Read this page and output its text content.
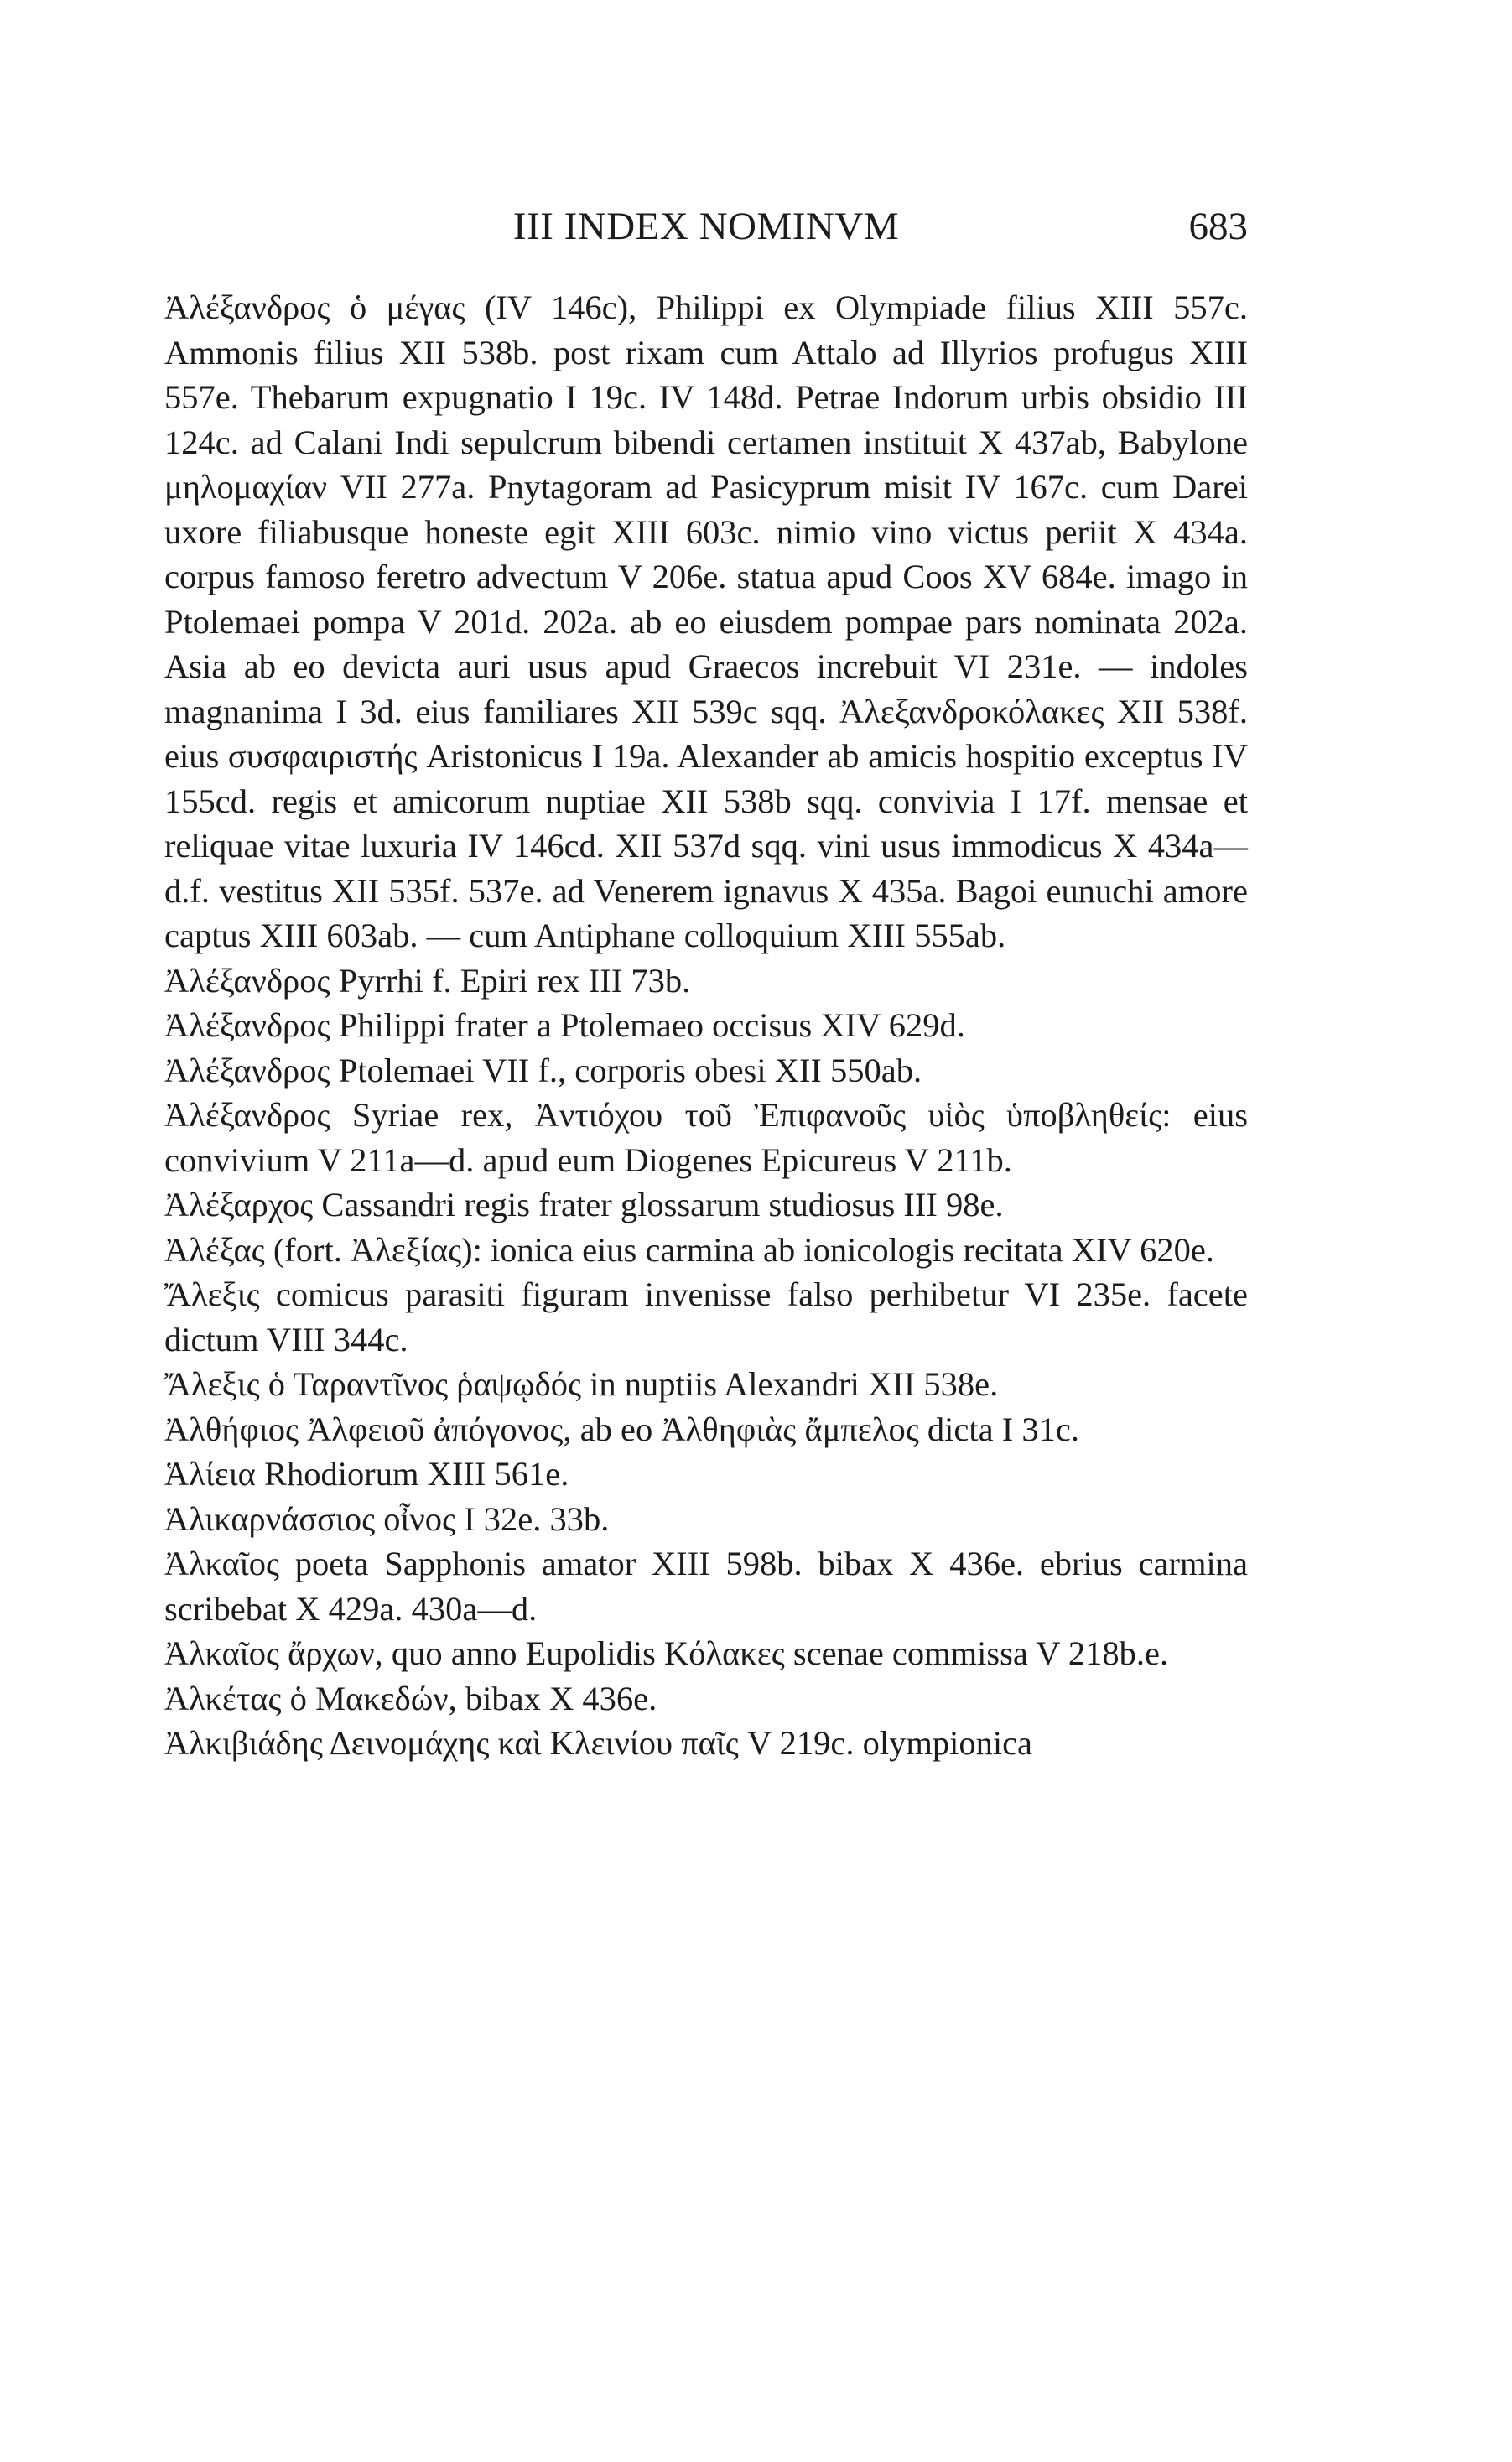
III INDEX NOMINVM	683
Ἀλέξανδρος ὁ μέγας (IV 146c), Philippi ex Olympiade filius XIII 557c. Ammonis filius XII 538b. post rixam cum Attalo ad Illyrios profugus XIII 557e. Thebarum expugnatio I 19c. IV 148d. Petrae Indorum urbis obsidio III 124c. ad Calani Indi sepulcrum bibendi certamen instituit X 437ab, Babylone μηλομαχίαν VII 277a. Pnytagoram ad Pasicyprum misit IV 167c. cum Darei uxore filiabusque honeste egit XIII 603c. nimio vino victus periit X 434a. corpus famoso feretro advectum V 206e. statua apud Coos XV 684e. imago in Ptolemaei pompa V 201d. 202a. ab eo eiusdem pompae pars nominata 202a. Asia ab eo devicta auri usus apud Graecos increbuit VI 231e. — indoles magnanima I 3d. eius familiares XII 539c sqq. Ἀλεξανδροκόλακες XII 538f. eius συσφαιριστής Aristonicus I 19a. Alexander ab amicis hospitio exceptus IV 155cd. regis et amicorum nuptiae XII 538b sqq. convivia I 17f. mensae et reliquae vitae luxuria IV 146cd. XII 537d sqq. vini usus immodicus X 434a—d.f. vestitus XII 535f. 537e. ad Venerem ignavus X 435a. Bagoi eunuchi amore captus XIII 603ab. — cum Antiphane colloquium XIII 555ab.
Ἀλέξανδρος Pyrrhi f. Epiri rex III 73b.
Ἀλέξανδρος Philippi frater a Ptolemaeo occisus XIV 629d.
Ἀλέξανδρος Ptolemaei VII f., corporis obesi XII 550ab.
Ἀλέξανδρος Syriae rex, Ἀντιόχου τοῦ Ἐπιφανοῦς υἱὸς ὑποβληθείς: eius convivium V 211a—d. apud eum Diogenes Epicureus V 211b.
Ἀλέξαρχος Cassandri regis frater glossarum studiosus III 98e.
Ἀλέξας (fort. Ἀλεξίας): ionica eius carmina ab ionicologis recitata XIV 620e.
Ἄλεξις comicus parasiti figuram invenisse falso perhibetur VI 235e. facete dictum VIII 344c.
Ἄλεξις ὁ Ταραντῖνος ῥαψῳδός in nuptiis Alexandri XII 538e.
Ἀλθήφιος Ἀλφειοῦ ἀπόγονος, ab eo Ἀλθηφιὰς ἄμπελος dicta I 31c.
Ἁλίεια Rhodiorum XIII 561e.
Ἁλικαρνάσσιος οἶνος I 32e. 33b.
Ἀλκαῖος poeta Sapphonis amator XIII 598b. bibax X 436e. ebrius carmina scribebat X 429a. 430a—d.
Ἀλκαῖος ἄρχων, quo anno Eupolidis Κόλακες scenae commissa V 218b.e.
Ἀλκέτας ὁ Μακεδών, bibax X 436e.
Ἀλκιβιάδης Δεινομάχης καὶ Κλεινίου παῖς V 219c. olympionica
